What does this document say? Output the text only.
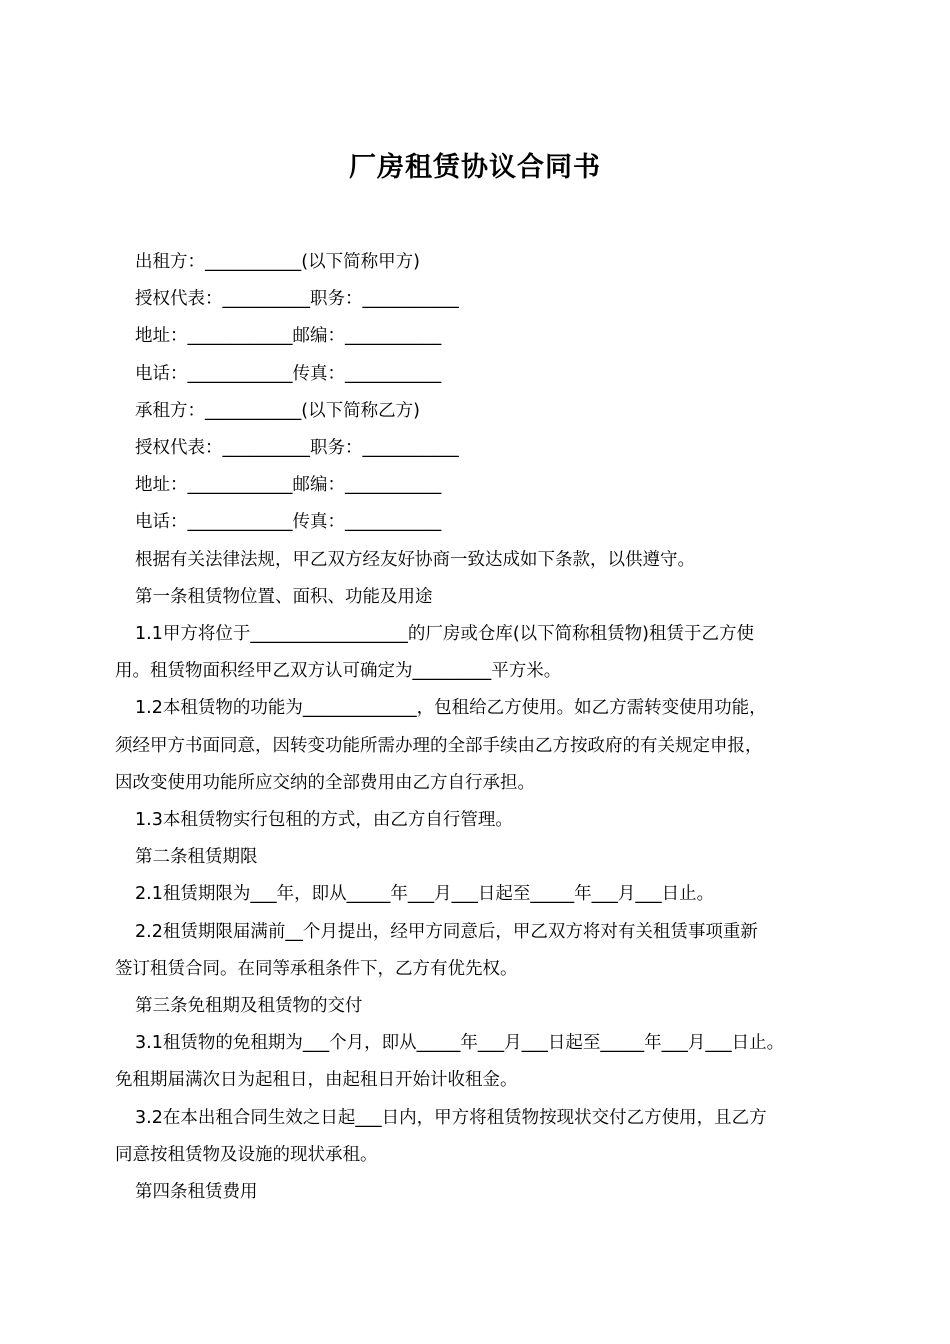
厂房租赁协议合同书

出租方：___________(以下简称甲方)

授权代表：__________职务：___________

地址：____________邮编：___________

电话：____________传真：___________

承租方：___________(以下简称乙方)

授权代表：__________职务：___________

地址：____________邮编：___________

电话：____________传真：___________

根据有关法律法规，甲乙双方经友好协商一致达成如下条款，以供遵守。

第一条租赁物位置、面积、功能及用途

1.1甲方将位于__________________的厂房或仓库(以下简称租赁物)租赁于乙方使

用。租赁物面积经甲乙双方认可确定为_________平方米。

1.2本租赁物的功能为_____________，包租给乙方使用。如乙方需转变使用功能，

须经甲方书面同意，因转变功能所需办理的全部手续由乙方按政府的有关规定申报，

因改变使用功能所应交纳的全部费用由乙方自行承担。

1.3本租赁物实行包租的方式，由乙方自行管理。

第二条租赁期限

2.1租赁期限为___年，即从_____年___月___日起至_____年___月___日止。

2.2租赁期限届满前__个月提出，经甲方同意后，甲乙双方将对有关租赁事项重新

签订租赁合同。在同等承租条件下，乙方有优先权。

第三条免租期及租赁物的交付

3.1租赁物的免租期为___个月，即从_____年___月___日起至_____年___月___日止。

免租期届满次日为起租日，由起租日开始计收租金。

3.2在本出租合同生效之日起___日内，甲方将租赁物按现状交付乙方使用，且乙方

同意按租赁物及设施的现状承租。

第四条租赁费用
